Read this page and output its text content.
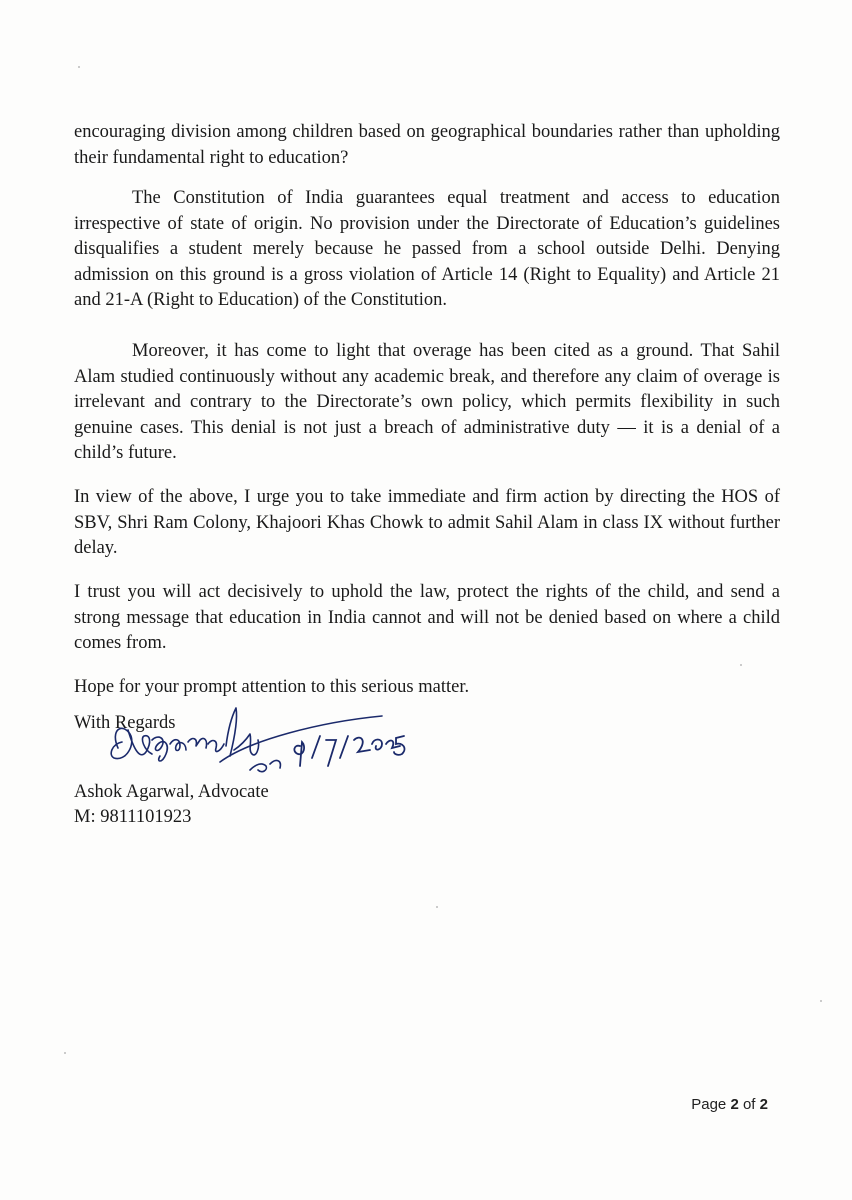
encouraging division among children based on geographical boundaries rather than upholding their fundamental right to education?

The Constitution of India guarantees equal treatment and access to education irrespective of state of origin. No provision under the Directorate of Education’s guidelines disqualifies a student merely because he passed from a school outside Delhi. Denying admission on this ground is a gross violation of Article 14 (Right to Equality) and Article 21 and 21-A (Right to Education) of the Constitution.

Moreover, it has come to light that overage has been cited as a ground. That Sahil Alam studied continuously without any academic break, and therefore any claim of overage is irrelevant and contrary to the Directorate’s own policy, which permits flexibility in such genuine cases. This denial is not just a breach of administrative duty — it is a denial of a child’s future.

In view of the above, I urge you to take immediate and firm action by directing the HOS of SBV, Shri Ram Colony, Khajoori Khas Chowk to admit Sahil Alam in class IX without further delay.

I trust you will act decisively to uphold the law, protect the rights of the child, and send a strong message that education in India cannot and will not be denied based on where a child comes from.

Hope for your prompt attention to this serious matter.
With Regards
Ashok Agarwal, Advocate
M: 9811101923
Page 2 of 2
